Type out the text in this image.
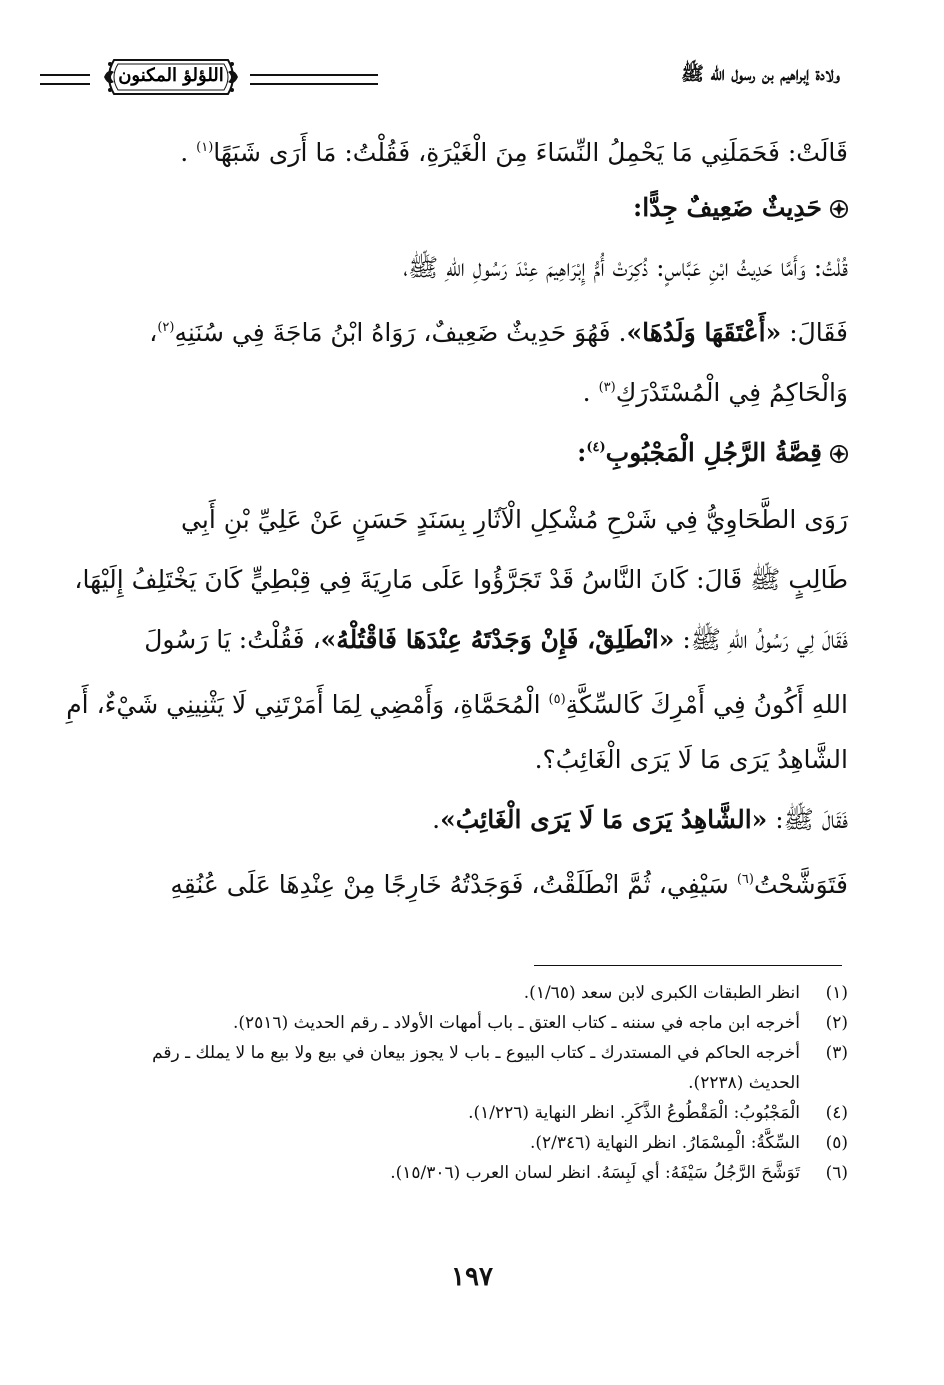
ولادة إبراهيم بن رسول الله ﷺ
اللؤلؤ المكنون
قَالَتْ: فَحَمَلَنِي مَا يَحْمِلُ النِّسَاءَ مِنَ الْغَيْرَةِ، فَقُلْتُ: مَا أَرَى شَبَهًا$^{(١)}$ .
حَدِيثٌ ضَعِيفٌ جِدًّا:
قُلْتُ: وَأَمَّا حَدِيثُ ابْنِ عَبَّاسٍ: ذُكِرَتْ أُمُّ إِبْرَاهِيمَ عِنْدَ رَسُولِ اللهِ ﷺ،
فَقَالَ: «أَعْتَقَهَا وَلَدُهَا». فَهُوَ حَدِيثٌ ضَعِيفٌ، رَوَاهُ ابْنُ مَاجَةَ فِي سُنَنِهِ$^{(٢)}$،
وَالْحَاكِمُ فِي الْمُسْتَدْرَكِ$^{(٣)}$ .
قِصَّةُ الرَّجُلِ الْمَجْبُوبِ$^{(٤)}$:
رَوَى الطَّحَاوِيُّ فِي شَرْحِ مُشْكِلِ الْآثَارِ بِسَنَدٍ حَسَنٍ عَنْ عَلِيِّ بْنِ أَبِي
طَالِبٍ ﷺ قَالَ: كَانَ النَّاسُ قَدْ تَجَرَّؤُوا عَلَى مَارِيَةَ فِي قِبْطِيٍّ كَانَ يَخْتَلِفُ إِلَيْهَا،
فَقَالَ لِي رَسُولُ اللهِ ﷺ: «انْطَلِقْ، فَإِنْ وَجَدْتَهُ عِنْدَهَا فَاقْتُلْهُ»، فَقُلْتُ: يَا رَسُولَ
اللهِ أَكُونُ فِي أَمْرِكَ كَالسِّكَّةِ$^{(٥)}$ الْمُحَمَّاةِ، وَأَمْضِي لِمَا أَمَرْتَنِي لَا يَثْنِينِي شَيْءٌ، أَمِ
الشَّاهِدُ يَرَى مَا لَا يَرَى الْغَائِبُ؟.
فَقَالَ ﷺ: «الشَّاهِدُ يَرَى مَا لَا يَرَى الْغَائِبُ».
فَتَوَشَّحْتُ$^{(٦)}$ سَيْفِي، ثُمَّ انْطَلَقْتُ، فَوَجَدْتُهُ خَارِجًا مِنْ عِنْدِهَا عَلَى عُنُقِهِ
(١)
انظر الطبقات الكبرى لابن سعد (١/٦٥).
(٢)
أخرجه ابن ماجه في سننه ـ كتاب العتق ـ باب أمهات الأولاد ـ رقم الحديث (٢٥١٦).
(٣)
أخرجه الحاكم في المستدرك ـ كتاب البيوع ـ باب لا يجوز بيعان في بيع ولا بيع ما لا يملك ـ رقم الحديث (٢٢٣٨).
(٤)
الْمَجْبُوبُ: الْمَقْطُوعُ الذَّكَرِ. انظر النهاية (١/٢٢٦).
(٥)
السِّكَّةُ: الْمِسْمَارُ. انظر النهاية (٢/٣٤٦).
(٦)
تَوَشَّحَ الرَّجُلُ سَيْفَهُ: أي لَبِسَهُ. انظر لسان العرب (١٥/٣٠٦).
١٩٧
